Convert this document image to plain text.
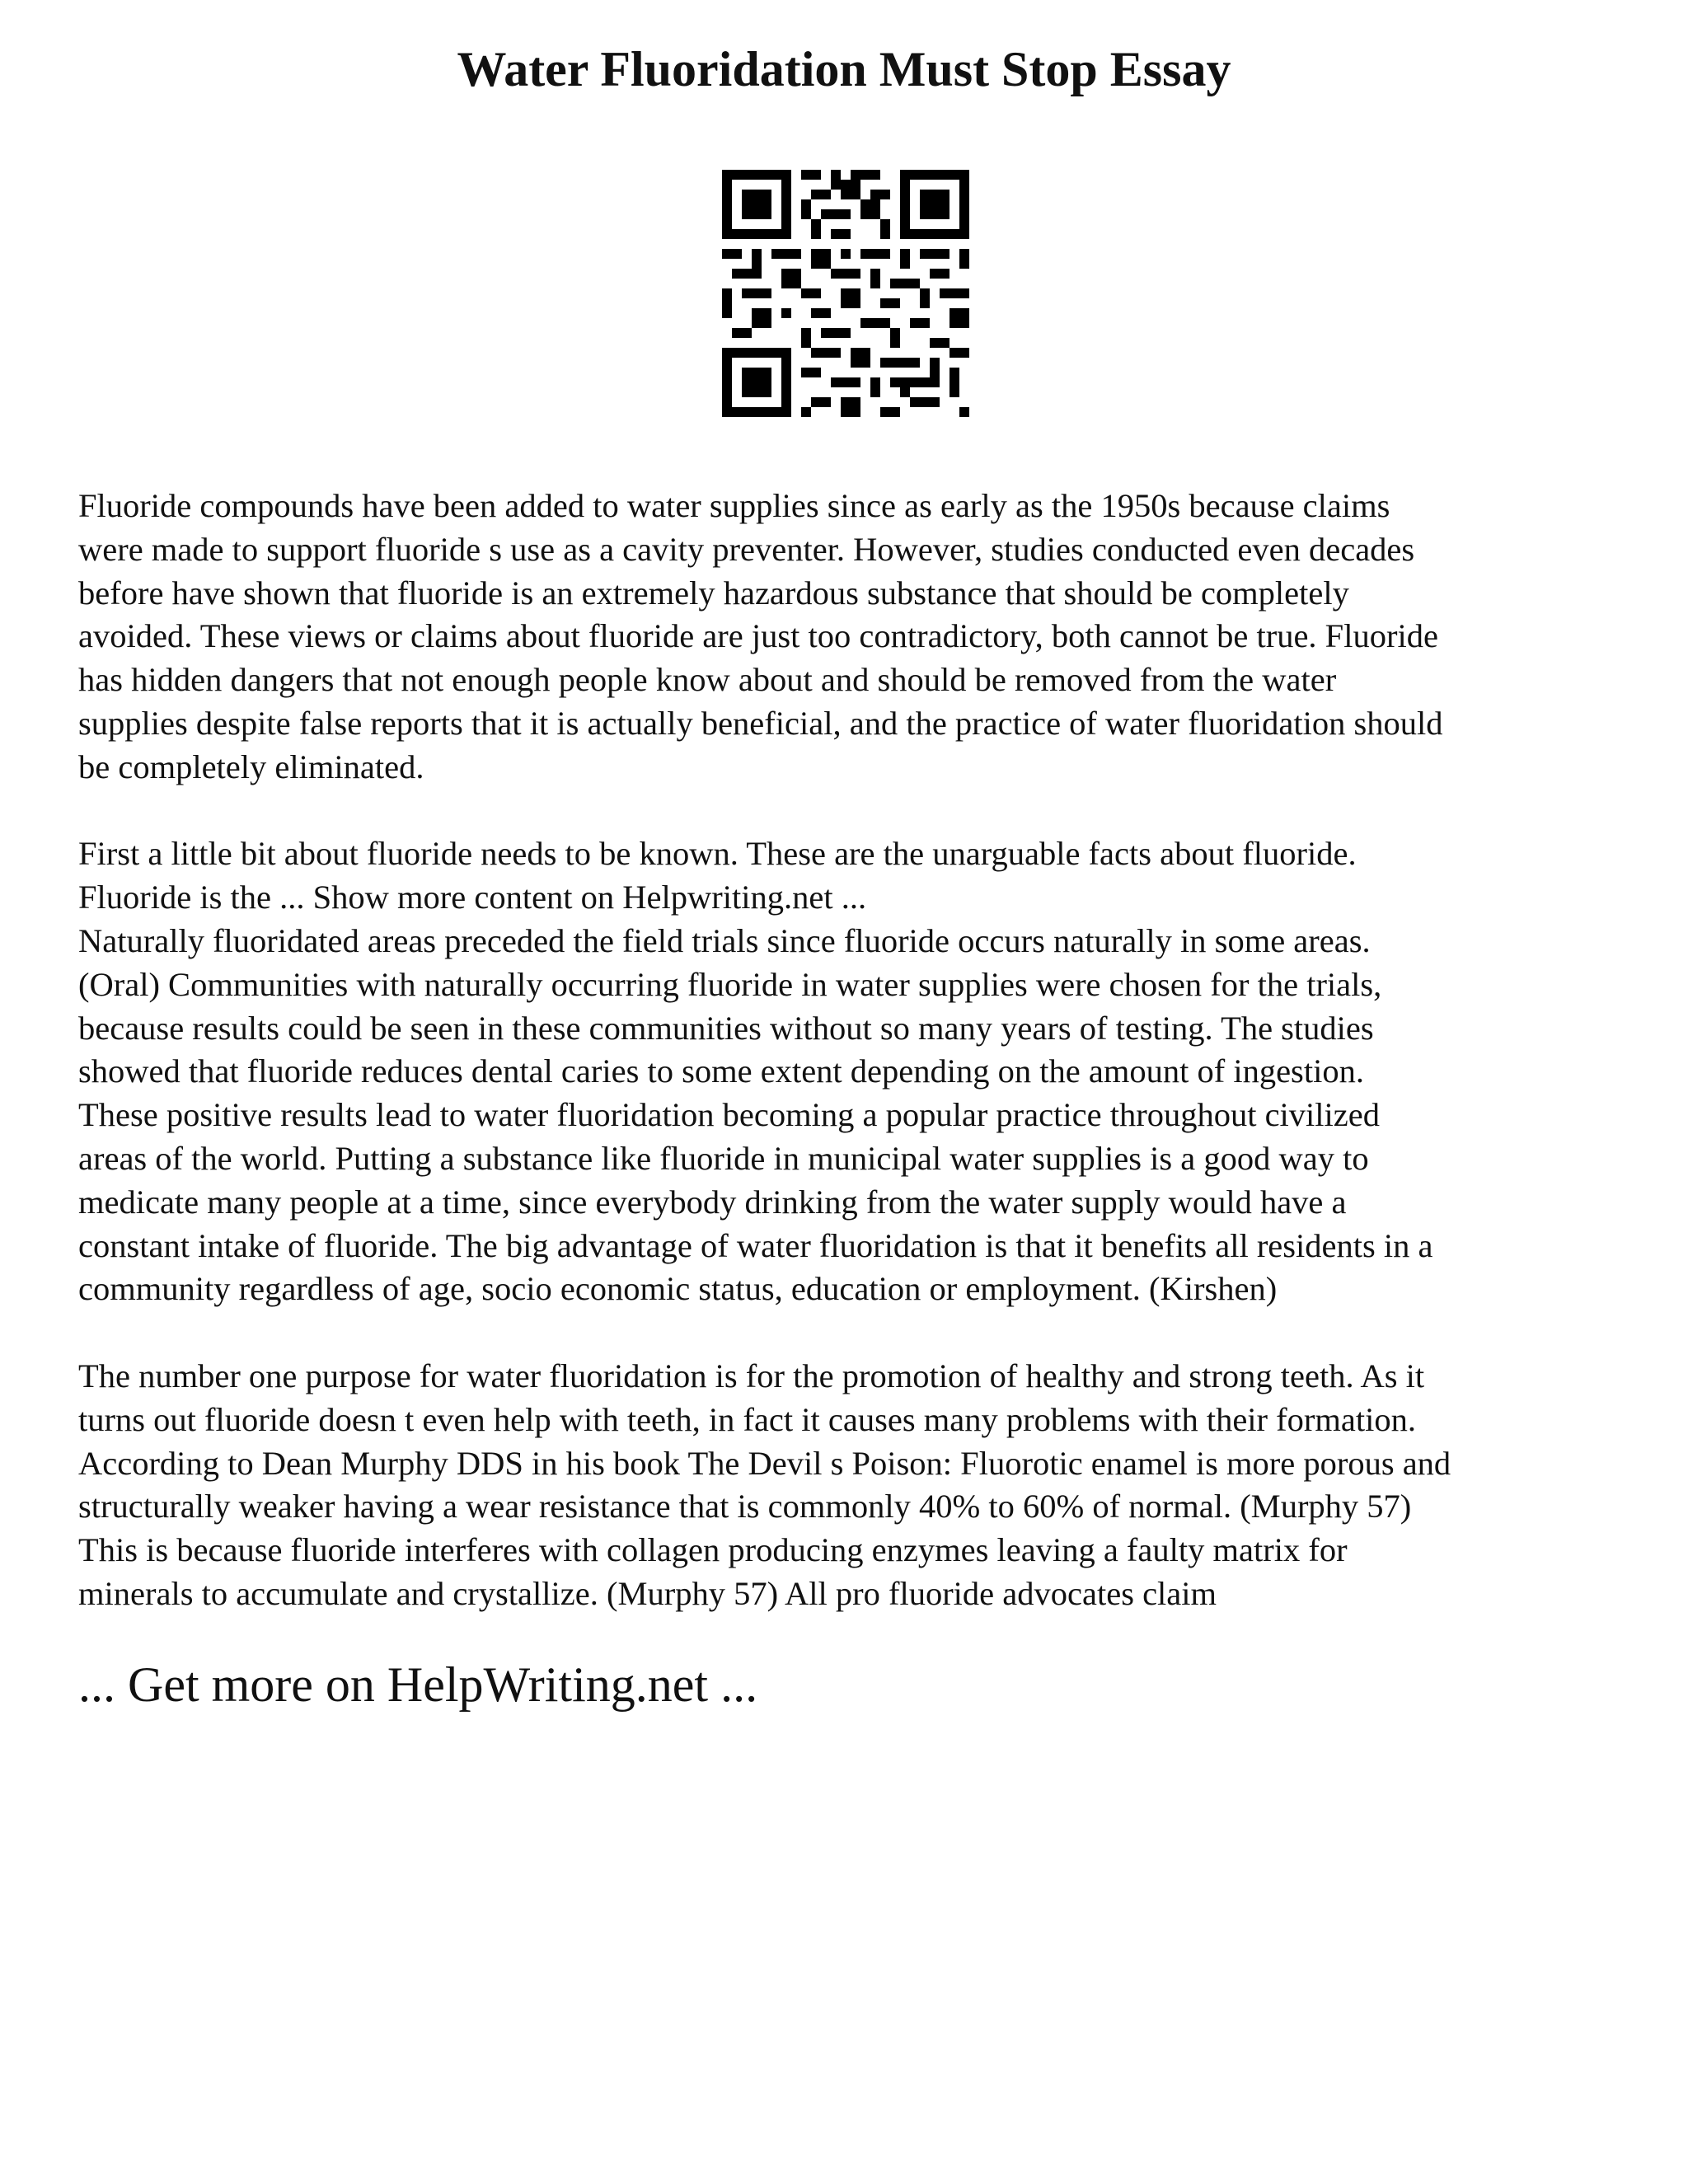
Water Fluoridation Must Stop Essay

Fluoride compounds have been added to water supplies since as early as the 1950s because claims

were made to support fluoride s use as a cavity preventer. However, studies conducted even decades

before have shown that fluoride is an extremely hazardous substance that should be completely

avoided. These views or claims about fluoride are just too contradictory, both cannot be true. Fluoride

has hidden dangers that not enough people know about and should be removed from the water

supplies despite false reports that it is actually beneficial, and the practice of water fluoridation should

be completely eliminated.

First a little bit about fluoride needs to be known. These are the unarguable facts about fluoride.

Fluoride is the ... Show more content on Helpwriting.net ...

Naturally fluoridated areas preceded the field trials since fluoride occurs naturally in some areas.

(Oral) Communities with naturally occurring fluoride in water supplies were chosen for the trials,

because results could be seen in these communities without so many years of testing. The studies

showed that fluoride reduces dental caries to some extent depending on the amount of ingestion.

These positive results lead to water fluoridation becoming a popular practice throughout civilized

areas of the world. Putting a substance like fluoride in municipal water supplies is a good way to

medicate many people at a time, since everybody drinking from the water supply would have a

constant intake of fluoride. The big advantage of water fluoridation is that it benefits all residents in a

community regardless of age, socio economic status, education or employment. (Kirshen)

The number one purpose for water fluoridation is for the promotion of healthy and strong teeth. As it

turns out fluoride doesn t even help with teeth, in fact it causes many problems with their formation.

According to Dean Murphy DDS in his book The Devil s Poison: Fluorotic enamel is more porous and

structurally weaker having a wear resistance that is commonly 40% to 60% of normal. (Murphy 57)

This is because fluoride interferes with collagen producing enzymes leaving a faulty matrix for

minerals to accumulate and crystallize. (Murphy 57) All pro fluoride advocates claim

... Get more on HelpWriting.net ...
